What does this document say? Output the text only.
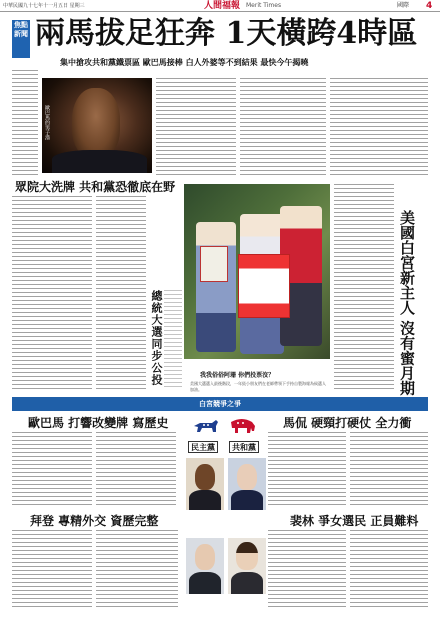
中華民國九十七年十一月五日 星期三	人間福報 Merit Times	國際 4
焦點新聞 兩馬拔足狂奔 1天橫跨4時區
集中搶攻共和黨鐵票區 歐巴馬接棒 白人外婆等不到結果 最快今午揭曉
歐巴馬的男子漢
眾院大洗牌 共和黨恐徹底在野
總統大選同步公投	我我俗俗阿珊 你們投票沒？
美國大選選入最後階段，一年級小朋友們在老師帶領下手持自製海報為候選人加油。
美國白宮新主人 沒有蜜月期
白宮競爭之爭
歐巴馬 打響改變牌 寫歷史	馬侃 硬頸打硬仗 全力衝
拜登 專精外交 資歷完整	裴林 爭女選民 正員難料
民主黨	共和黨
